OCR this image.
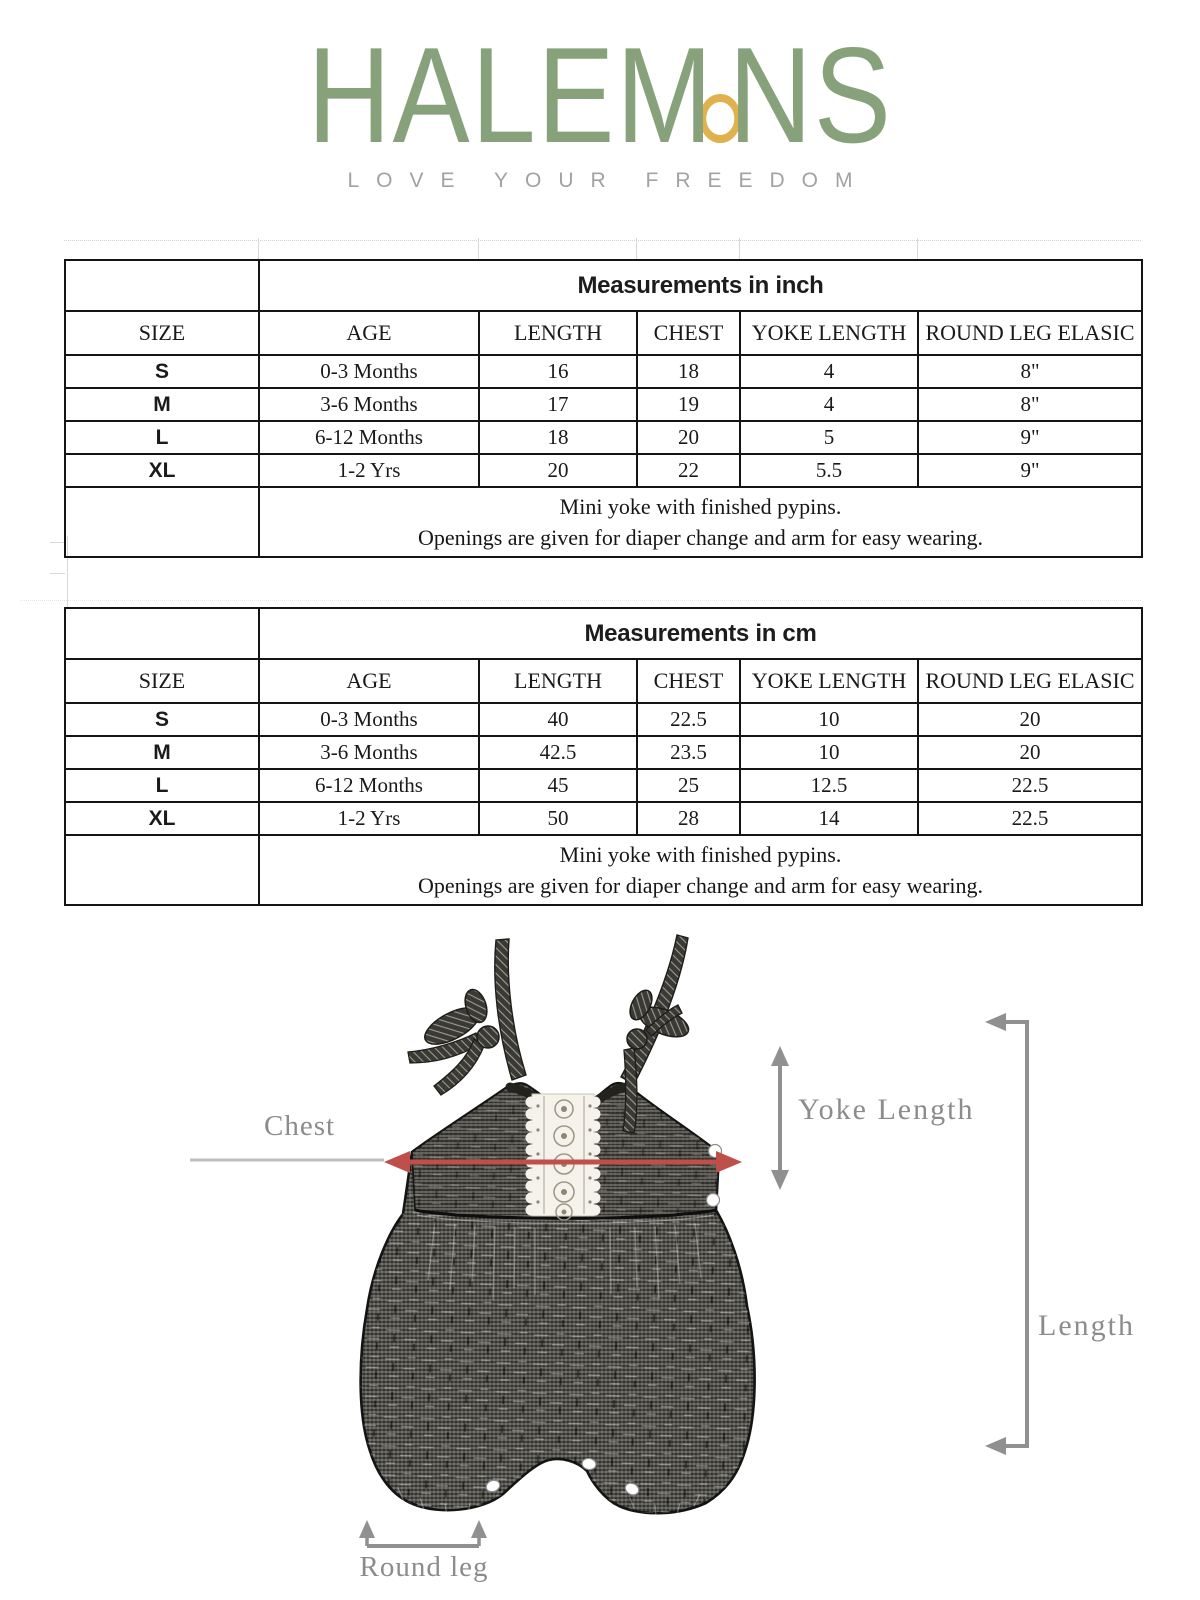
HALEM NS
LOVE YOUR FREEDOM
	Measurements in inch				
SIZE	AGE	LENGTH	CHEST	YOKE LENGTH	ROUND LEG ELASIC
S	0-3 Months	16	18	4	8"
M	3-6 Months	17	19	4	8"
L	6-12 Months	18	20	5	9"
XL	1-2 Yrs	20	22	5.5	9"

	Mini yoke with finished pypins.
Openings are given for diaper change and arm for easy wearing.				
	Measurements in cm				
SIZE	AGE	LENGTH	CHEST	YOKE LENGTH	ROUND LEG ELASIC
S	0-3 Months	40	22.5	10	20
M	3-6 Months	42.5	23.5	10	20
L	6-12 Months	45	25	12.5	22.5
XL	1-2 Yrs	50	28	14	22.5

	Mini yoke with finished pypins.
Openings are given for diaper change and arm for easy wearing.				
Chest	Yoke Length
Length
Round leg
